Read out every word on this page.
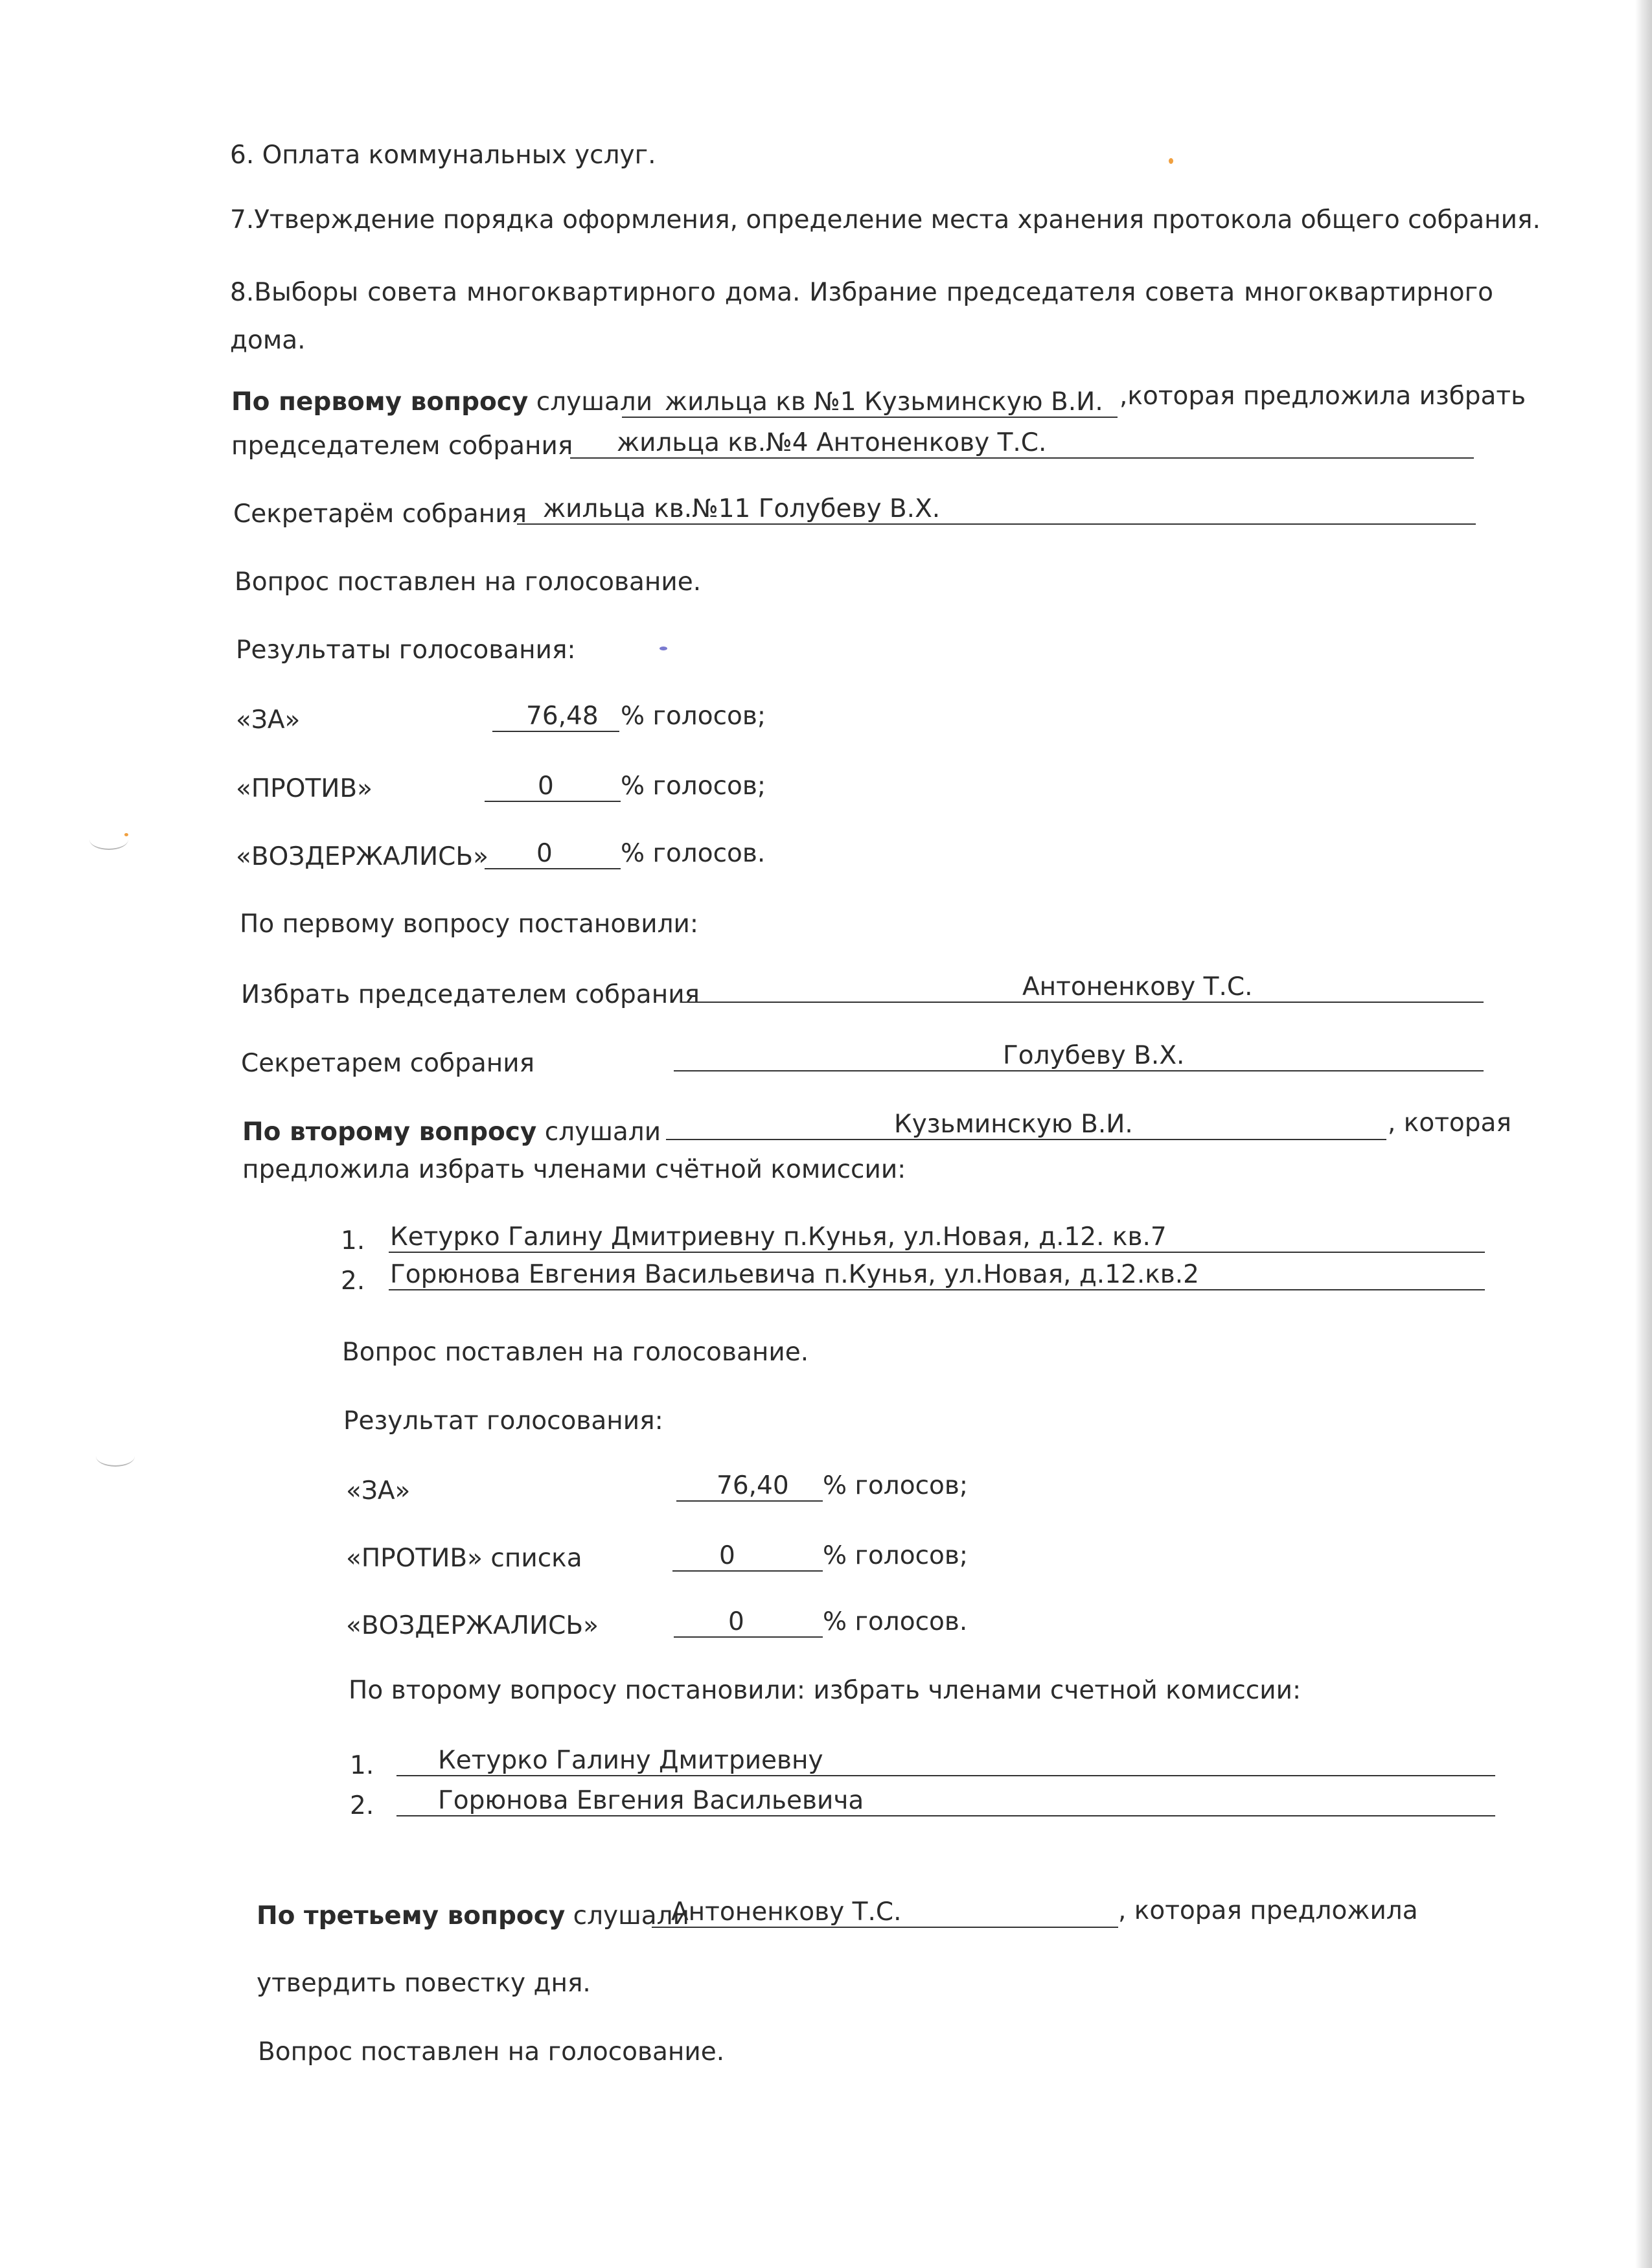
6. Оплата коммунальных услуг.
7.Утверждение порядка оформления, определение места хранения протокола общего собрания.
8.Выборы совета многоквартирного дома. Избрание председателя совета многоквартирного дома.
По первому вопросу слушали жильца кв №1 Кузьминскую В.И. ,которая предложила избрать
председателем собрания жильца кв.№4 Антоненкову Т.С.
Секретарём собрания жильца кв.№11 Голубеву В.Х.
Вопрос поставлен на голосование.
Результаты голосования:
«ЗА»	76,48 % голосов;
«ПРОТИВ»	0	% голосов;
«ВОЗДЕРЖАЛИСЬ» 0	% голосов.
По первому вопросу постановили:
Избрать председателем собрания	Антоненкову Т.С.
Секретарем собрания	Голубеву В.Х.
По второму вопросу слушали	Кузьминскую В.И.	, которая
предложила избрать членами счётной комиссии:
1. Кетурко Галину Дмитриевну п.Кунья, ул.Новая, д.12. кв.7
2. Горюнова Евгения Васильевича п.Кунья, ул.Новая, д.12.кв.2
Вопрос поставлен на голосование.
Результат голосования:
«ЗА»	76,40 % голосов;
«ПРОТИВ» списка	0	% голосов;
«ВОЗДЕРЖАЛИСЬ»	0	% голосов.
По второму вопросу постановили: избрать членами счетной комиссии:
1.	Кетурко Галину Дмитриевну
2.	Горюнова Евгения Васильевича
По третьему вопросу слушали
Антоненкову Т.С.	, которая предложила
утвердить повестку дня.
Вопрос поставлен на голосование.
